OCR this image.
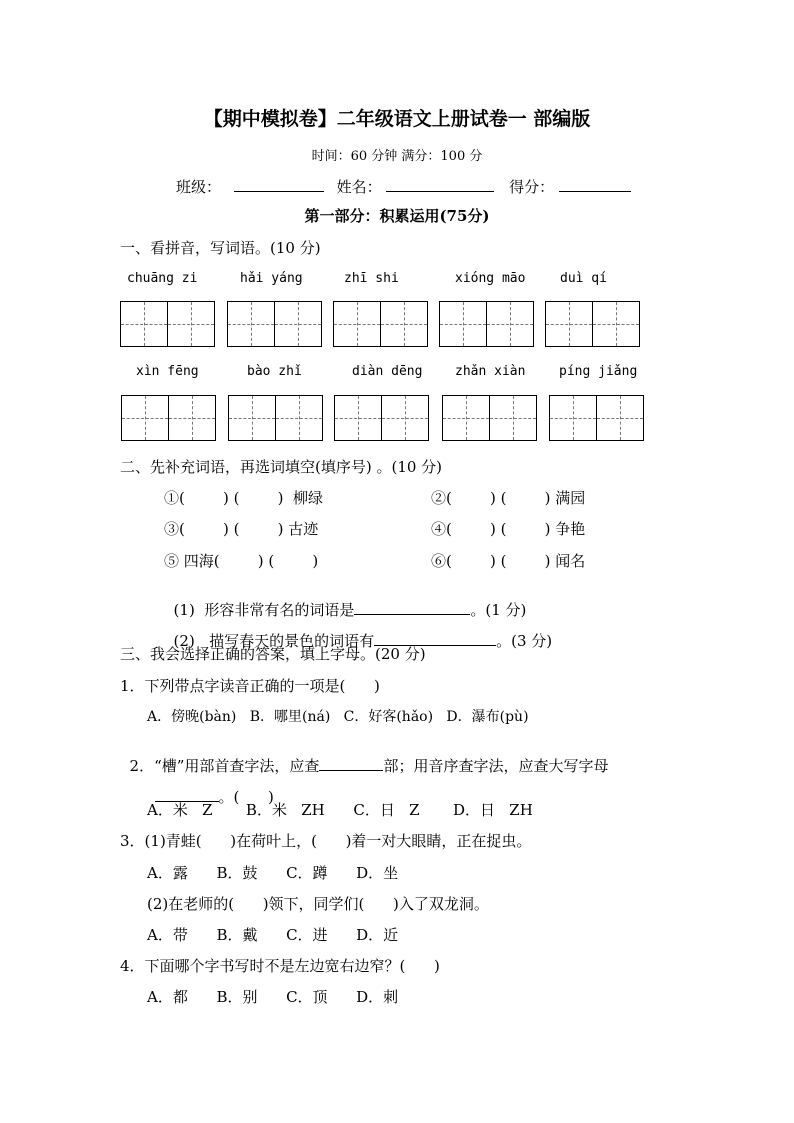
【期中模拟卷】二年级语文上册试卷一 部编版
时间：60 分钟 满分：100 分
班级：	姓名：	得分：
第一部分：积累运用(75分)
一、看拼音，写词语。(10 分)
chuāng zi	hǎi yáng	zhī shi	xióng māo	duì qí
xìn fēng	bào zhǐ	diàn dēng	zhǎn xiàn	píng jiǎng
二、先补充词语，再选词填空(填序号) 。(10 分)
①(        ) (        )  柳绿	②(        ) (        ) 满园
③(        ) (        ) 古迹	④(        ) (        ) 争艳
⑤ 四海(        ) (        )	⑥(        ) (        ) 闻名

(1)  形容非常有名的词语是	。(1 分)

(2)   描写春天的景色的词语有	。(3 分)

三、我会选择正确的答案，填上字母。(20 分)
1．下列带点字读音正确的一项是(      )
A．傍晚(bàn)   B．哪里(ná)   C．好客(hǎo)   D．瀑布(pù)

2．“槽”用部首查字法，应查	部；用音序查字法，应查大写字母

。(      )

A．米   Z       B．米   ZH      C．日   Z       D．日   ZH
3．(1)青蛙(      )在荷叶上，(      )着一对大眼睛，正在捉虫。
A．露      B．鼓      C．蹲      D．坐
(2)在老师的(      )领下，同学们(      )入了双龙洞。
A．带      B．戴      C．进      D．近
4．下面哪个字书写时不是左边宽右边窄？(      )
A．都      B．别      C．顶      D．刺
